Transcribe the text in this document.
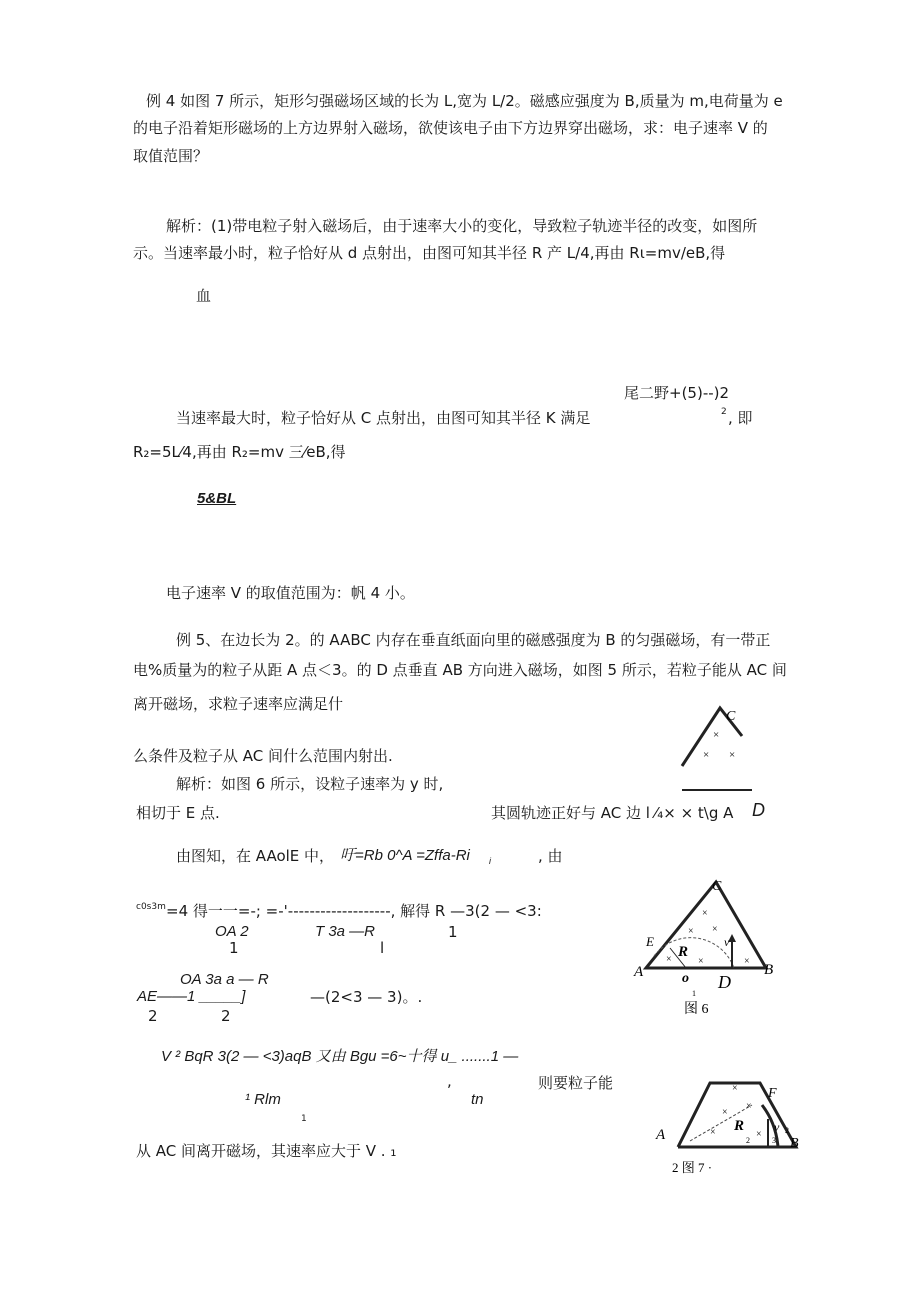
例 4 如图 7 所示，矩形匀强磁场区域的长为 L,宽为 L/2。磁感应强度为 B,质量为 m,电荷量为 e
的电子沿着矩形磁场的上方边界射入磁场，欲使该电子由下方边界穿出磁场，求：电子速率 V 的
取值范围？
解析：(1)带电粒子射入磁场后，由于速率大小的变化，导致粒子轨迹半径的改变，如图所
示。当速率最小时，粒子恰好从 d 点射出，由图可知其半径 R 产 L/4,再由 Rι=mv/eB,得
血
尾二野+(5)--)2
当速率最大时，粒子恰好从 C 点射出，由图可知其半径 K 满足	2 , 即
R₂=5L⁄4,再由 R₂=mv 三⁄eB,得
5&BL
电子速率 V 的取值范围为：帆 4 小。
例 5、在边长为 2。的 AABC 内存在垂直纸面向里的磁感强度为 B 的匀强磁场，有一带正
电%质量为的粒子从距 A 点＜3。的 D 点垂直 AB 方向进入磁场，如图 5 所示，若粒子能从 AC 间
离开磁场，求粒子速率应满足什
么条件及粒子从 AC 间什么范围内射出.
解析：如图 6 所示，设粒子速率为 y 时,
相切于 E 点.	其圆轨迹正好与 AC 边 l ⁄₄× × t\g A D
由图知，在 AAolE 中， 吁=Rb 0^A =Zffa-Ri i	, 由
c0s3m =4 得一一=-; =-'-------------------, 解得 R —3(2 — <3:
OA 2	T 3a —R
1	l
1
OA 3a a — R
AE——1 _____]	—(2<3 — 3)。.
2	2
V ² BqR 3(2 — <3)aqB 又由 Bgu =6~十得 u_ .......1 —
¹ Rlm
,	则要粒子能
tn
1
从 AC 间离开磁场，其速率应大于 V . ₁
C
×
× ×
C
E
R
v
A	D
B
o
1
×
×
×
×	×	×
图 6
F
v 2
A
R
2	3 B
×
×
×
×	×
2 图 7 ·
